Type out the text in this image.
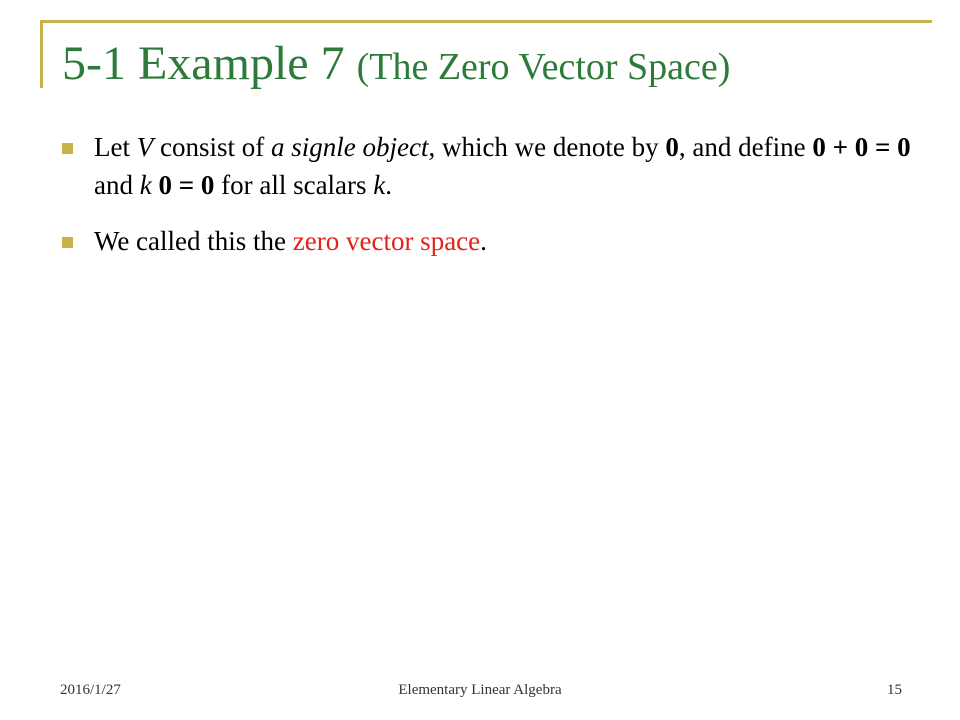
5-1 Example 7 (The Zero Vector Space)
Let V consist of a signle object, which we denote by 0, and define 0 + 0 = 0 and k 0 = 0 for all scalars k.
We called this the zero vector space.
2016/1/27	Elementary Linear Algebra	15
